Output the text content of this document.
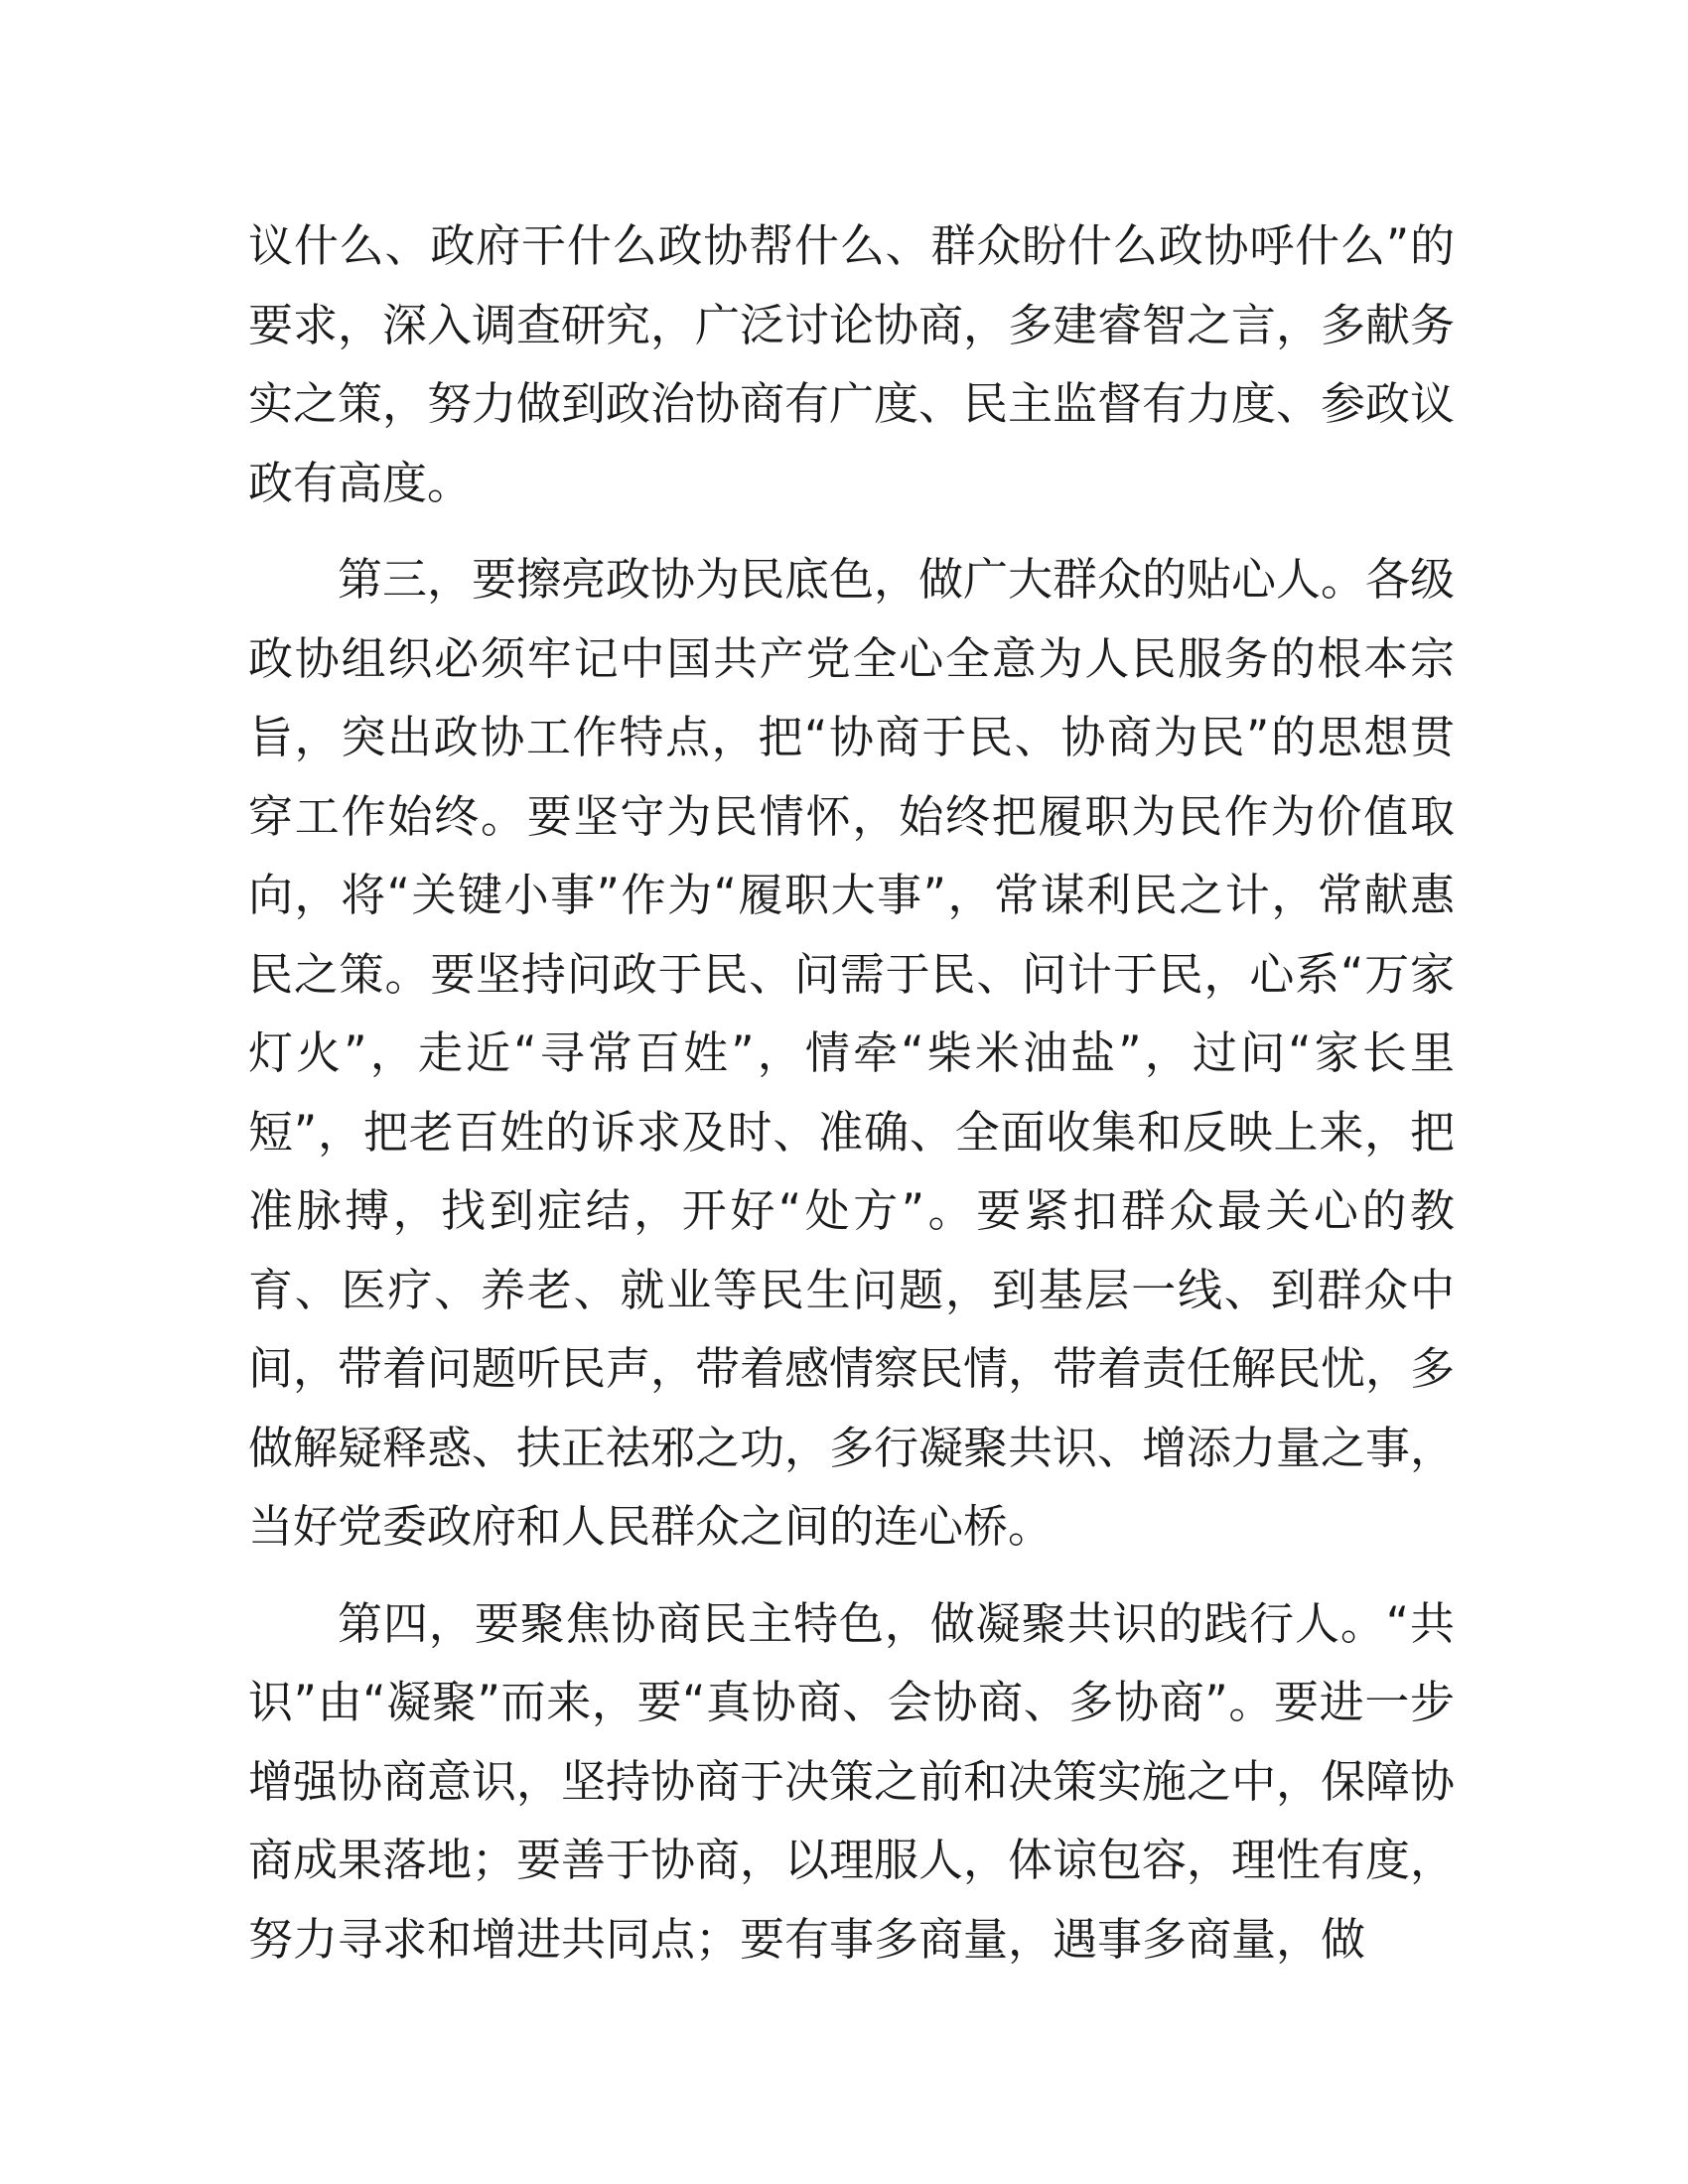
议什么、政府干什么政协帮什么、群众盼什么政协呼什么”的要求，深入调查研究，广泛讨论协商，多建睿智之言，多献务实之策，努力做到政治协商有广度、民主监督有力度、参政议政有高度。

第三，要擦亮政协为民底色，做广大群众的贴心人。各级政协组织必须牢记中国共产党全心全意为人民服务的根本宗旨，突出政协工作特点，把“协商于民、协商为民”的思想贯穿工作始终。要坚守为民情怀，始终把履职为民作为价值取向，将“关键小事”作为“履职大事”，常谋利民之计，常献惠民之策。要坚持问政于民、问需于民、问计于民，心系“万家灯火”，走近“寻常百姓”，情牵“柴米油盐”，过问“家长里短”，把老百姓的诉求及时、准确、全面收集和反映上来，把准脉搏，找到症结，开好“处方”。要紧扣群众最关心的教育、医疗、养老、就业等民生问题，到基层一线、到群众中间，带着问题听民声，带着感情察民情，带着责任解民忧，多做解疑释惑、扶正祛邪之功，多行凝聚共识、增添力量之事，当好党委政府和人民群众之间的连心桥。

第四，要聚焦协商民主特色，做凝聚共识的践行人。“共识”由“凝聚”而来，要“真协商、会协商、多协商”。要进一步增强协商意识，坚持协商于决策之前和决策实施之中，保障协商成果落地；要善于协商，以理服人，体谅包容，理性有度，努力寻求和增进共同点；要有事多商量，遇事多商量，做
